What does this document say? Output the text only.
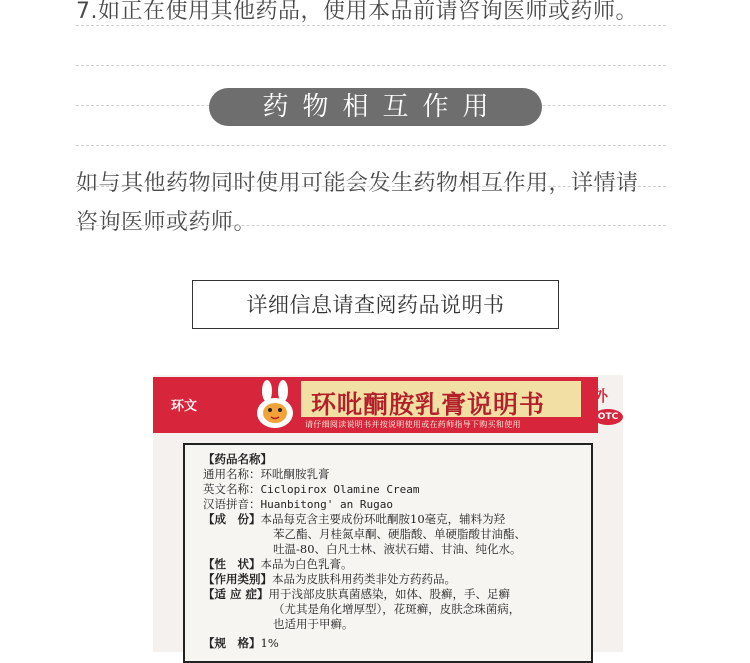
7.如正在使用其他药品，使用本品前请咨询医师或药师。
药物相互作用
如与其他药物同时使用可能会发生药物相互作用，详情请
咨询医师或药师。
详细信息请查阅药品说明书
环文	环吡酮胺乳膏说明书
请仔细阅读说明书并按说明使用或在药师指导下购买和使用
外
OTC
【药品名称】
通用名称：环吡酮胺乳膏
英文名称：Ciclopirox Olamine Cream
汉语拼音：Huanbitong' an Rugao
【成　份】本品每克含主要成份环吡酮胺10毫克，辅料为羟
苯乙酯、月桂氮卓酮、硬脂酸、单硬脂酸甘油酯、
吐温-80、白凡士林、液状石蜡、甘油、纯化水。
【性　状】本品为白色乳膏。
【作用类别】本品为皮肤科用药类非处方药药品。
【适 应 症】用于浅部皮肤真菌感染，如体、股癣，手、足癣
（尤其是角化增厚型），花斑癣，皮肤念珠菌病，
也适用于甲癣。
【规　格】1%
